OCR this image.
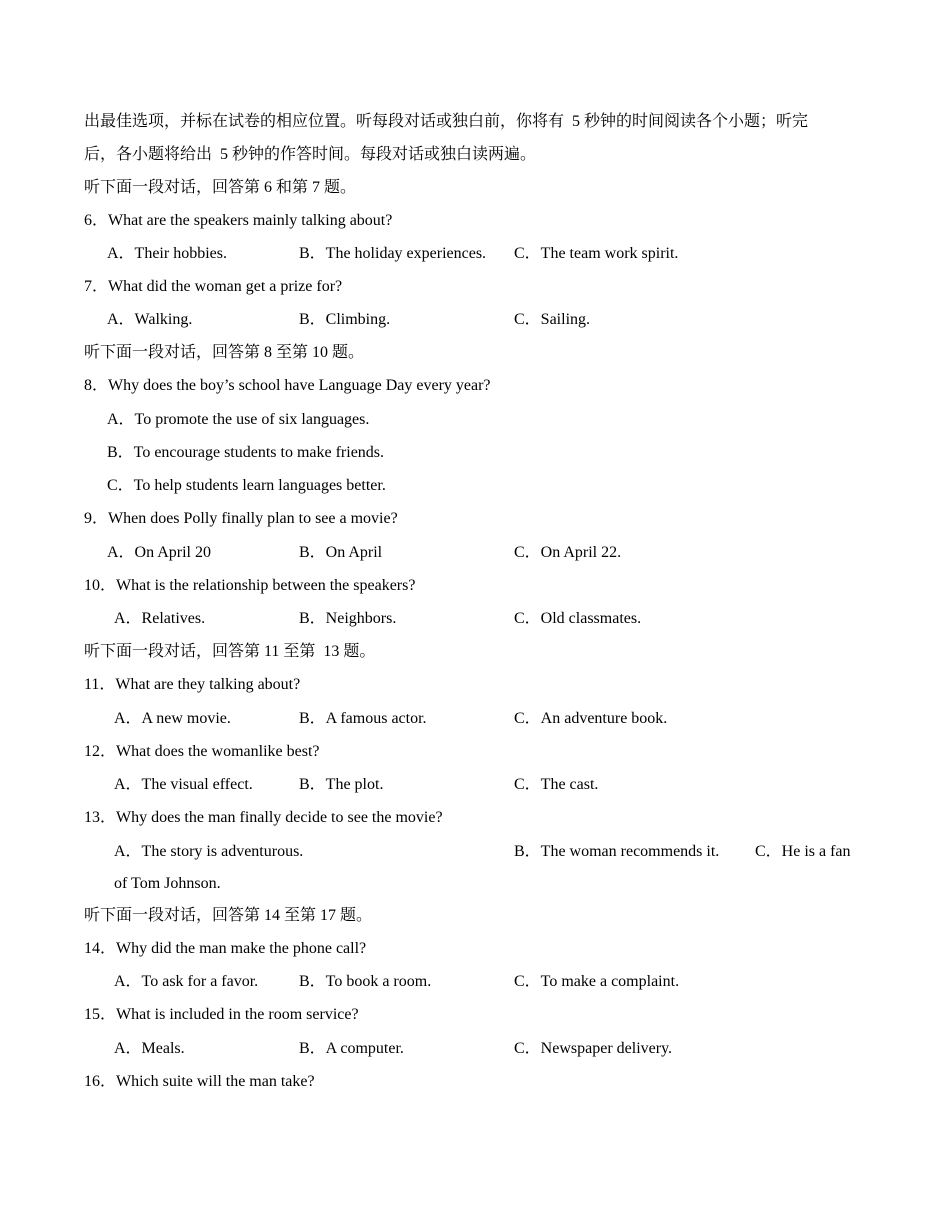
出最佳选项，并标在试卷的相应位置。听每段对话或独白前，你将有  5 秒钟的时间阅读各个小题；听完
后，各小题将给出  5 秒钟的作答时间。每段对话或独白读两遍。
听下面一段对话，回答第 6 和第 7 题。
6．What are the speakers mainly talking about?
A．Their hobbies.	B．The holiday experiences. C．The team work spirit.
7．What did the woman get a prize for?
A．Walking.	B．Climbing.	C．Sailing.
听下面一段对话，回答第 8 至第 10 题。
8．Why does the boy’s school have Language Day every year?
A．To promote the use of six languages.
B．To encourage students to make friends.
C．To help students learn languages better.
9．When does Polly finally plan to see a movie?
A．On April 20	B．On April	C．On April 22.
10．What is the relationship between the speakers?
A．Relatives.	B．Neighbors.	C．Old classmates.
听下面一段对话，回答第 11 至第  13 题。
11．What are they talking about?
A．A new movie.	B．A famous actor.	C．An adventure book.
12．What does the womanlike best?
A．The visual effect.	B．The plot.	C．The cast.
13．Why does the man finally decide to see the movie?
A．The story is adventurous.	B．The woman recommends it. C．He is a fan
of Tom Johnson.
听下面一段对话，回答第 14 至第 17 题。
14．Why did the man make the phone call?
A．To ask for a favor.	B．To book a room.	C．To make a complaint.
15．What is included in the room service?
A．Meals.	B．A computer.	C．Newspaper delivery.
16．Which suite will the man take?
